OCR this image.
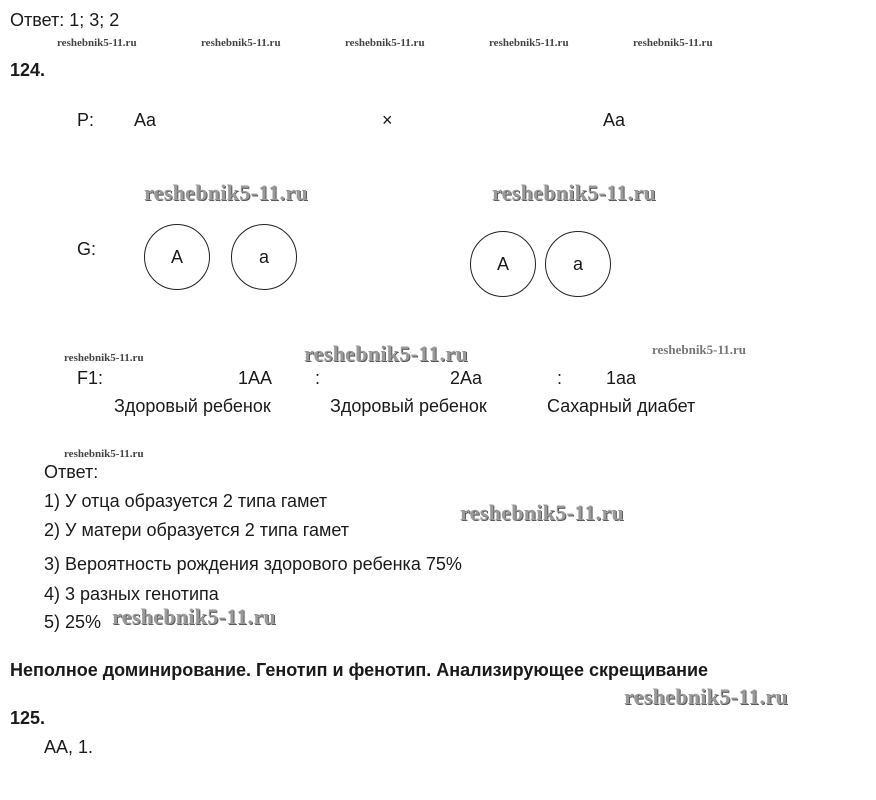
Ответ: 1; 3; 2
reshebnik5-11.ru	reshebnik5-11.ru	reshebnik5-11.ru	reshebnik5-11.ru	reshebnik5-11.ru
124.
P: Aa	×	Aa
reshebnik5-11.ru	reshebnik5-11.ru
G:	A	a	A	a
reshebnik5-11.ru	reshebnik5-11.ru	reshebnik5-11.ru
F1:	1AA :	2Aa	: 1aa
Здоровый ребенок	Здоровый ребенок	Сахарный диабет
reshebnik5-11.ru
Ответ:
1) У отца образуется 2 типа гамет
2) У матери образуется 2 типа гамет
reshebnik5-11.ru
3) Вероятность рождения здорового ребенка 75%
4) 3 разных генотипа
5) 25% reshebnik5-11.ru
Неполное доминирование. Генотип и фенотип. Анализирующее скрещивание
reshebnik5-11.ru
125.
AA, 1.
